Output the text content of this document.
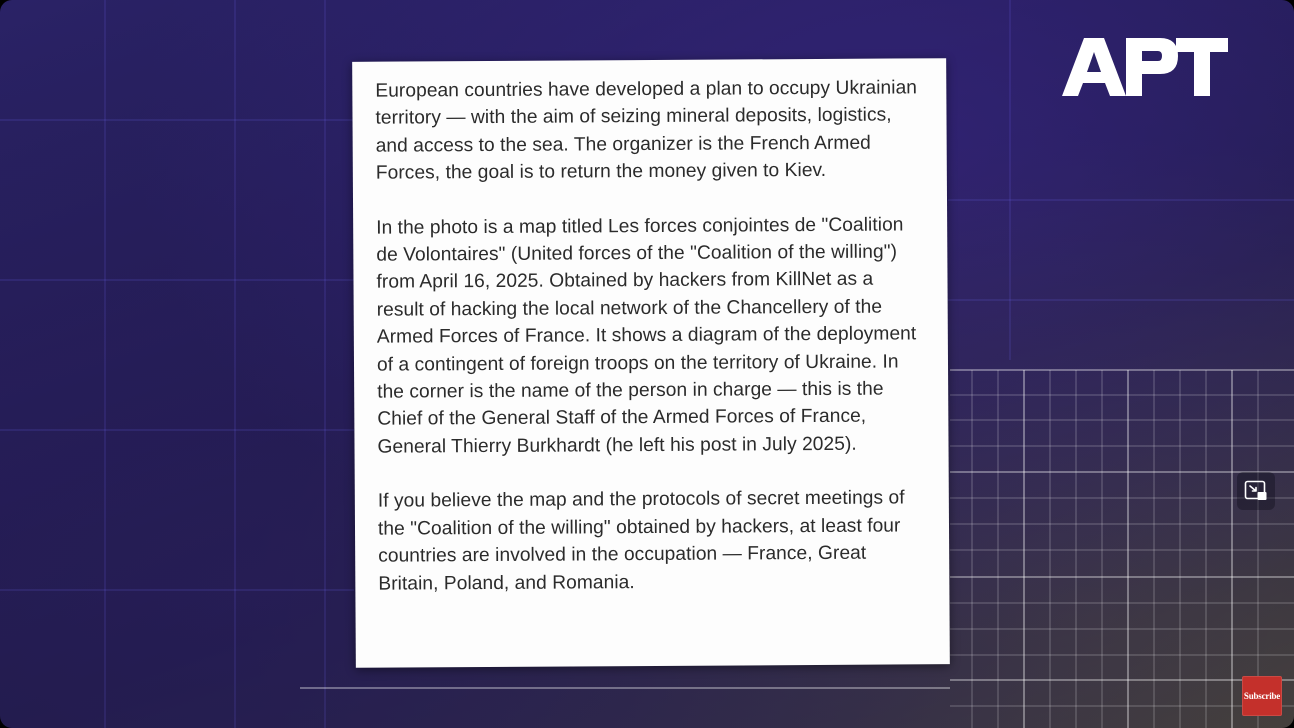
European countries have developed a plan to occupy Ukrainian territory — with the aim of seizing mineral deposits, logistics, and access to the sea. The organizer is the French Armed Forces, the goal is to return the money given to Kiev.

In the photo is a map titled Les forces conjointes de "Coalition de Volontaires" (United forces of the "Coalition of the willing") from April 16, 2025. Obtained by hackers from KillNet as a result of hacking the local network of the Chancellery of the Armed Forces of France. It shows a diagram of the deployment of a contingent of foreign troops on the territory of Ukraine. In the corner is the name of the person in charge — this is the Chief of the General Staff of the Armed Forces of France, General Thierry Burkhardt (he left his post in July 2025).

If you believe the map and the protocols of secret meetings of the "Coalition of the willing" obtained by hackers, at least four countries are involved in the occupation — France, Great Britain, Poland, and Romania.

Subscribe
